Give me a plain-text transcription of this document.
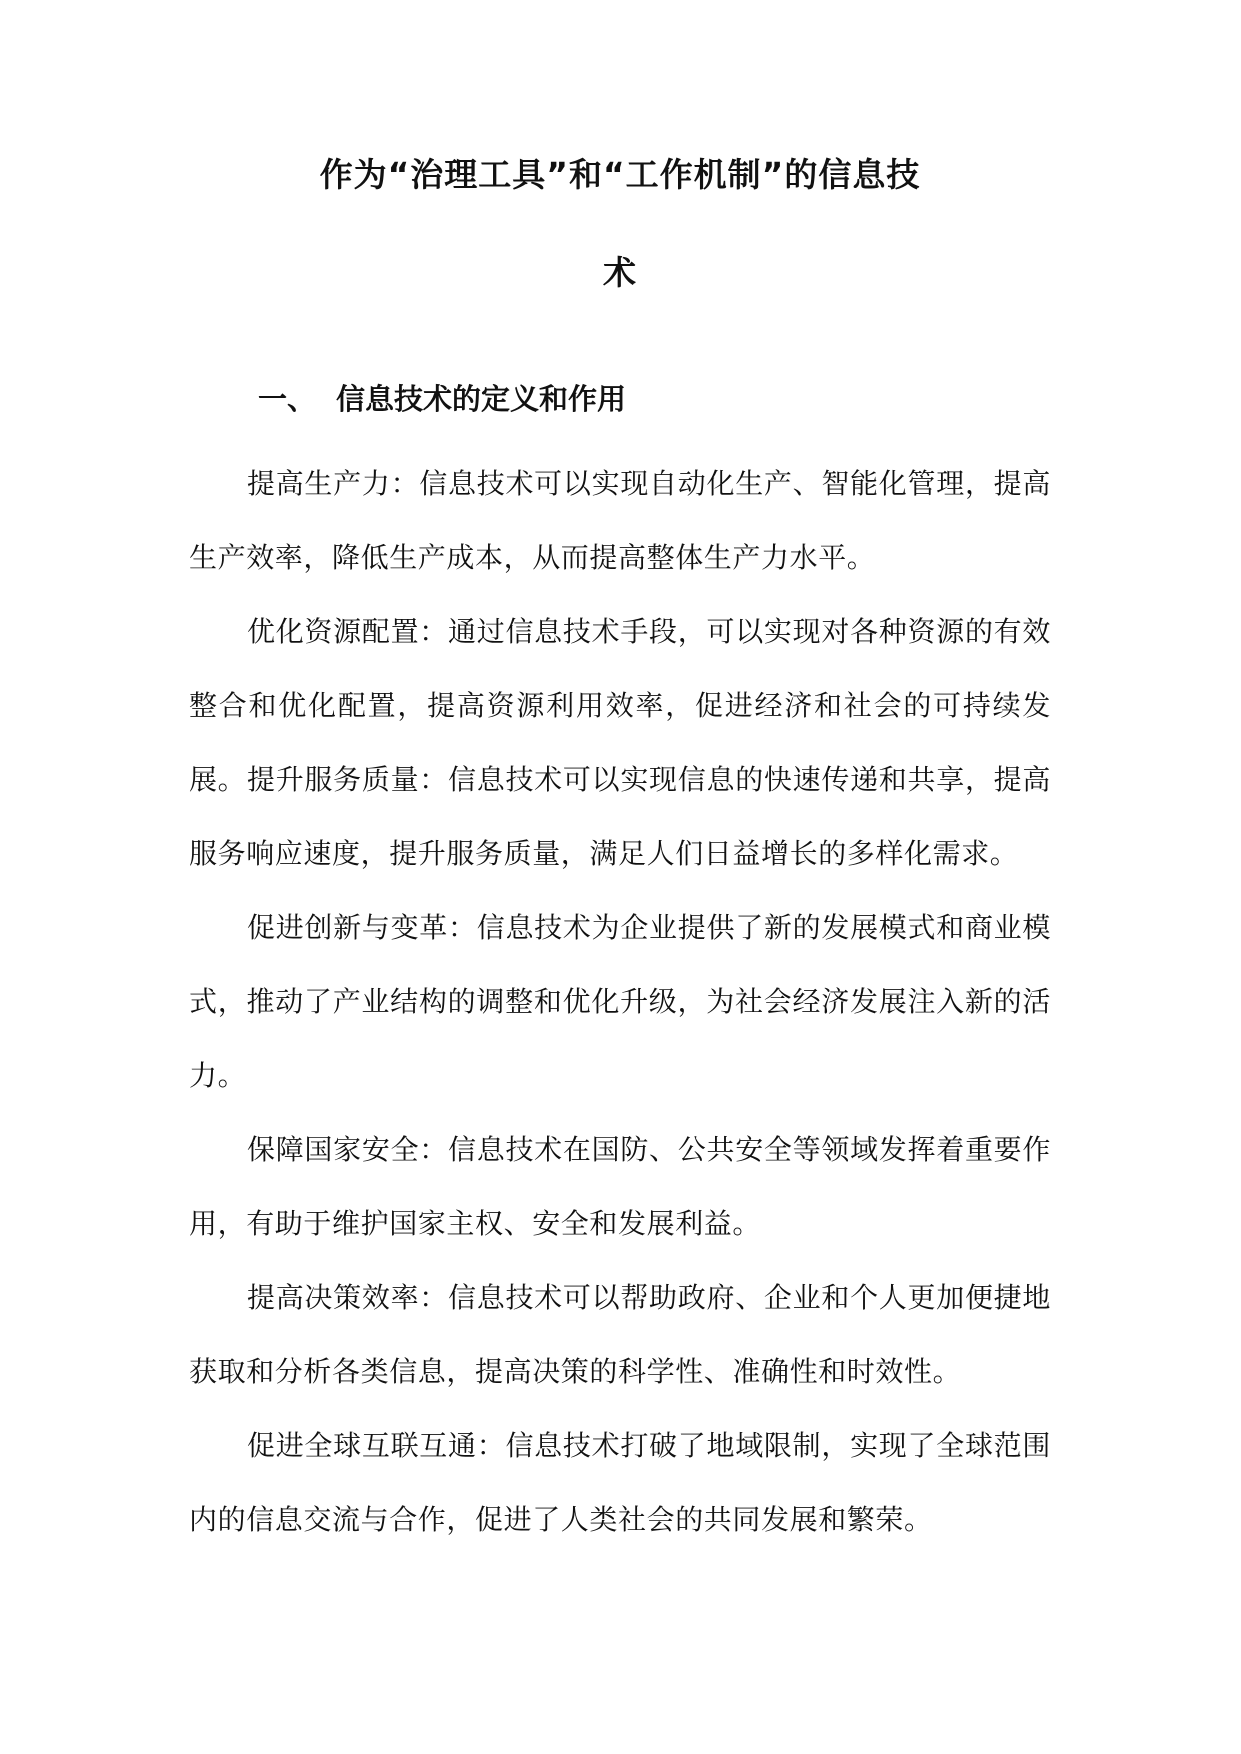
作为“治理工具”和“工作机制”的信息技
术
一、 信息技术的定义和作用

提高生产力：信息技术可以实现自动化生产、智能化管理，提高生产效率，降低生产成本，从而提高整体生产力水平。

优化资源配置：通过信息技术手段，可以实现对各种资源的有效整合和优化配置，提高资源利用效率，促进经济和社会的可持续发展。 提升服务质量：信息技术可以实现信息的快速传递和共享，提高服务响应速度，提升服务质量，满足人们日益增长的多样化需求。

促进创新与变革：信息技术为企业提供了新的发展模式和商业模式，推动了产业结构的调整和优化升级，为社会经济发展注入新的活力。

保障国家安全：信息技术在国防、公共安全等领域发挥着重要作用，有助于维护国家主权、安全和发展利益。

提高决策效率：信息技术可以帮助政府、企业和个人更加便捷地获取和分析各类信息，提高决策的科学性、准确性和时效性。

促进全球互联互通：信息技术打破了地域限制，实现了全球范围内的信息交流与合作，促进了人类社会的共同发展和繁荣。
